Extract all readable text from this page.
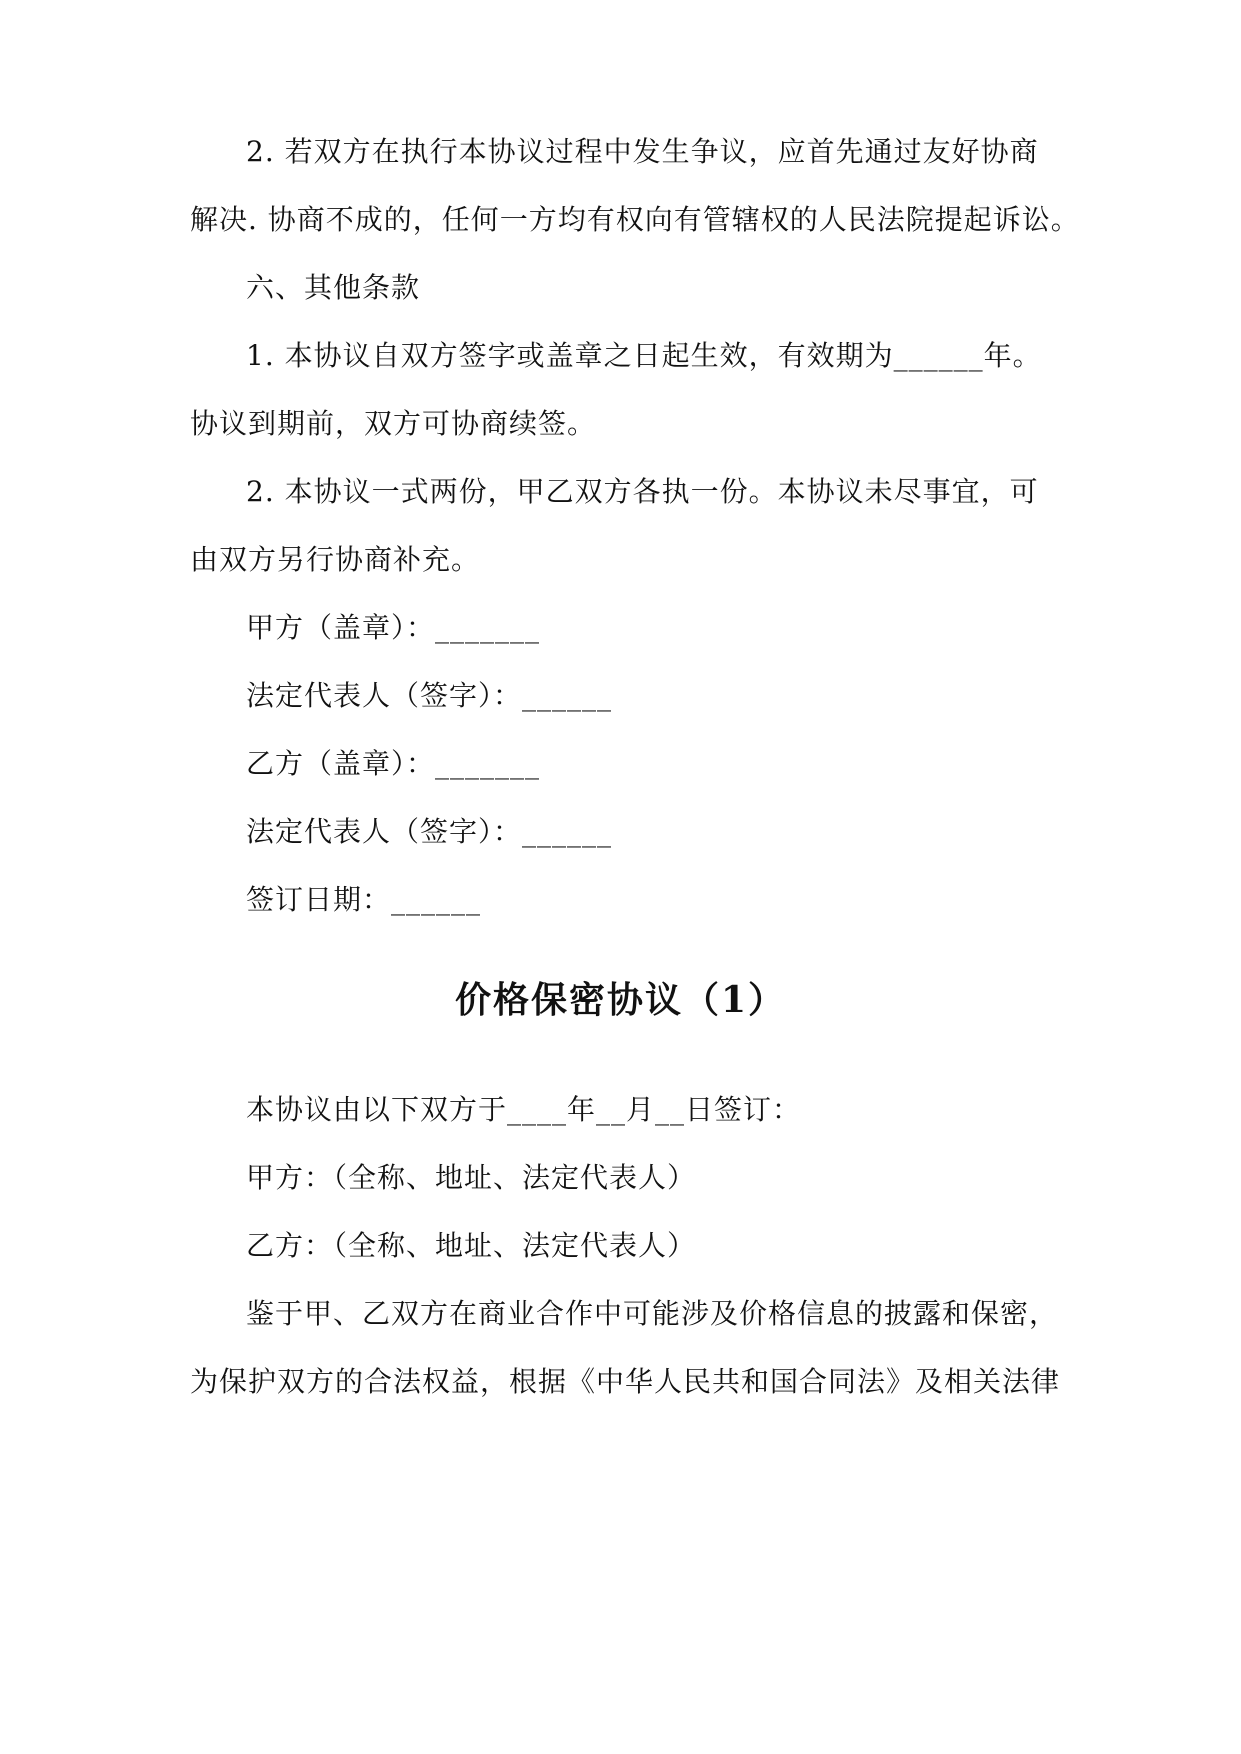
2. 若双方在执行本协议过程中发生争议，应首先通过友好协商
解决. 协商不成的，任何一方均有权向有管辖权的人民法院提起诉讼。
六、其他条款
1. 本协议自双方签字或盖章之日起生效，有效期为______年。
协议到期前，双方可协商续签。
2. 本协议一式两份，甲乙双方各执一份。本协议未尽事宜，可
由双方另行协商补充。
甲方（盖章）：_______
法定代表人（签字）：______
乙方（盖章）：_______
法定代表人（签字）：______
签订日期：______
价格保密协议（1）
本协议由以下双方于____年__月__日签订：
甲方：（全称、地址、法定代表人）
乙方：（全称、地址、法定代表人）
鉴于甲、乙双方在商业合作中可能涉及价格信息的披露和保密，
为保护双方的合法权益，根据《中华人民共和国合同法》及相关法律
